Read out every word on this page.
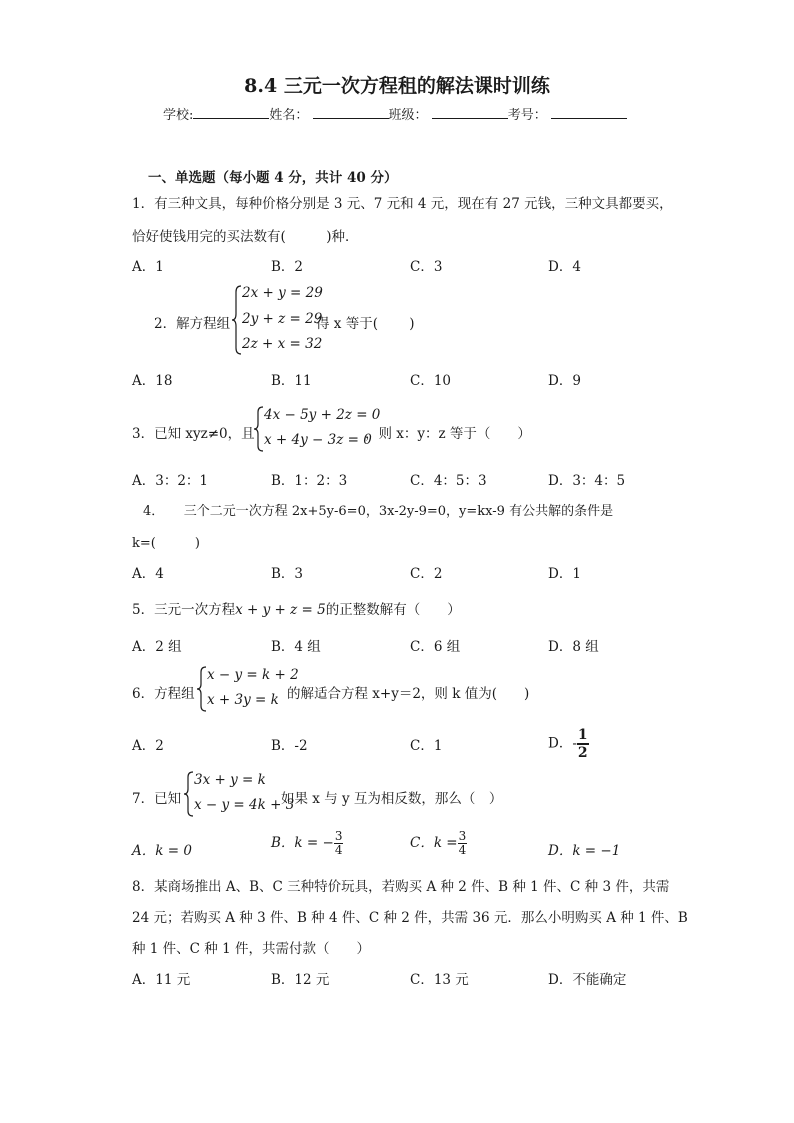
8.4 三元一次方程租的解法课时训练
学校:	姓名：	班级：	考号：
一、单选题（每小题 4 分，共计 40 分）
1．有三种文具，每种价格分别是 3 元、7 元和 4 元，现在有 27 元钱，三种文具都要买，
恰好使钱用完的买法数有(　　　)种．
A．1	B．2	C．3	D．4
2．解方程组
2x + y = 29
2y + z = 29
2z + x = 32
得 x 等于(　　 )
A．18	B．11	C．10	D．9
3．已知 xyz≠0，且
4x − 5y + 2z = 0
x + 4y − 3z = 0
，则 x：y：z 等于（　　）
A．3：2：1	B．1：2：3	C．4：5：3	D．3：4：5
4．　　三个二元一次方程 2x+5y-6=0，3x-2y-9=0，y=kx-9 有公共解的条件是
k=(　　　)
A．4	B．3	C．2	D．1
5．三元一次方程x + y + z = 5的正整数解有（　　）
A．2 组	B．4 组	C．6 组	D．8 组
6．方程组
x − y = k + 2
x + 3y = k 的解适合方程 x+y＝2，则 k 值为(　　)
A．2	B．-2	C．1	D．- $\frac{1}{2}$
7．已知
3x + y = k
x − y = 4k + 3
如果 x 与 y 互为相反数，那么（　）
A．k = 0	B．k = − $\frac{3}{4}$	C．$k = \frac{3}{4}$	D．k = −1
8．某商场推出 A、B、C 三种特价玩具，若购买 A 种 2 件、B 种 1 件、C 种 3 件，共需
24 元；若购买 A 种 3 件、B 种 4 件、C 种 2 件，共需 36 元．那么小明购买 A 种 1 件、B
种 1 件、C 种 1 件，共需付款（　　）
A．11 元	B．12 元	C．13 元	D．不能确定
